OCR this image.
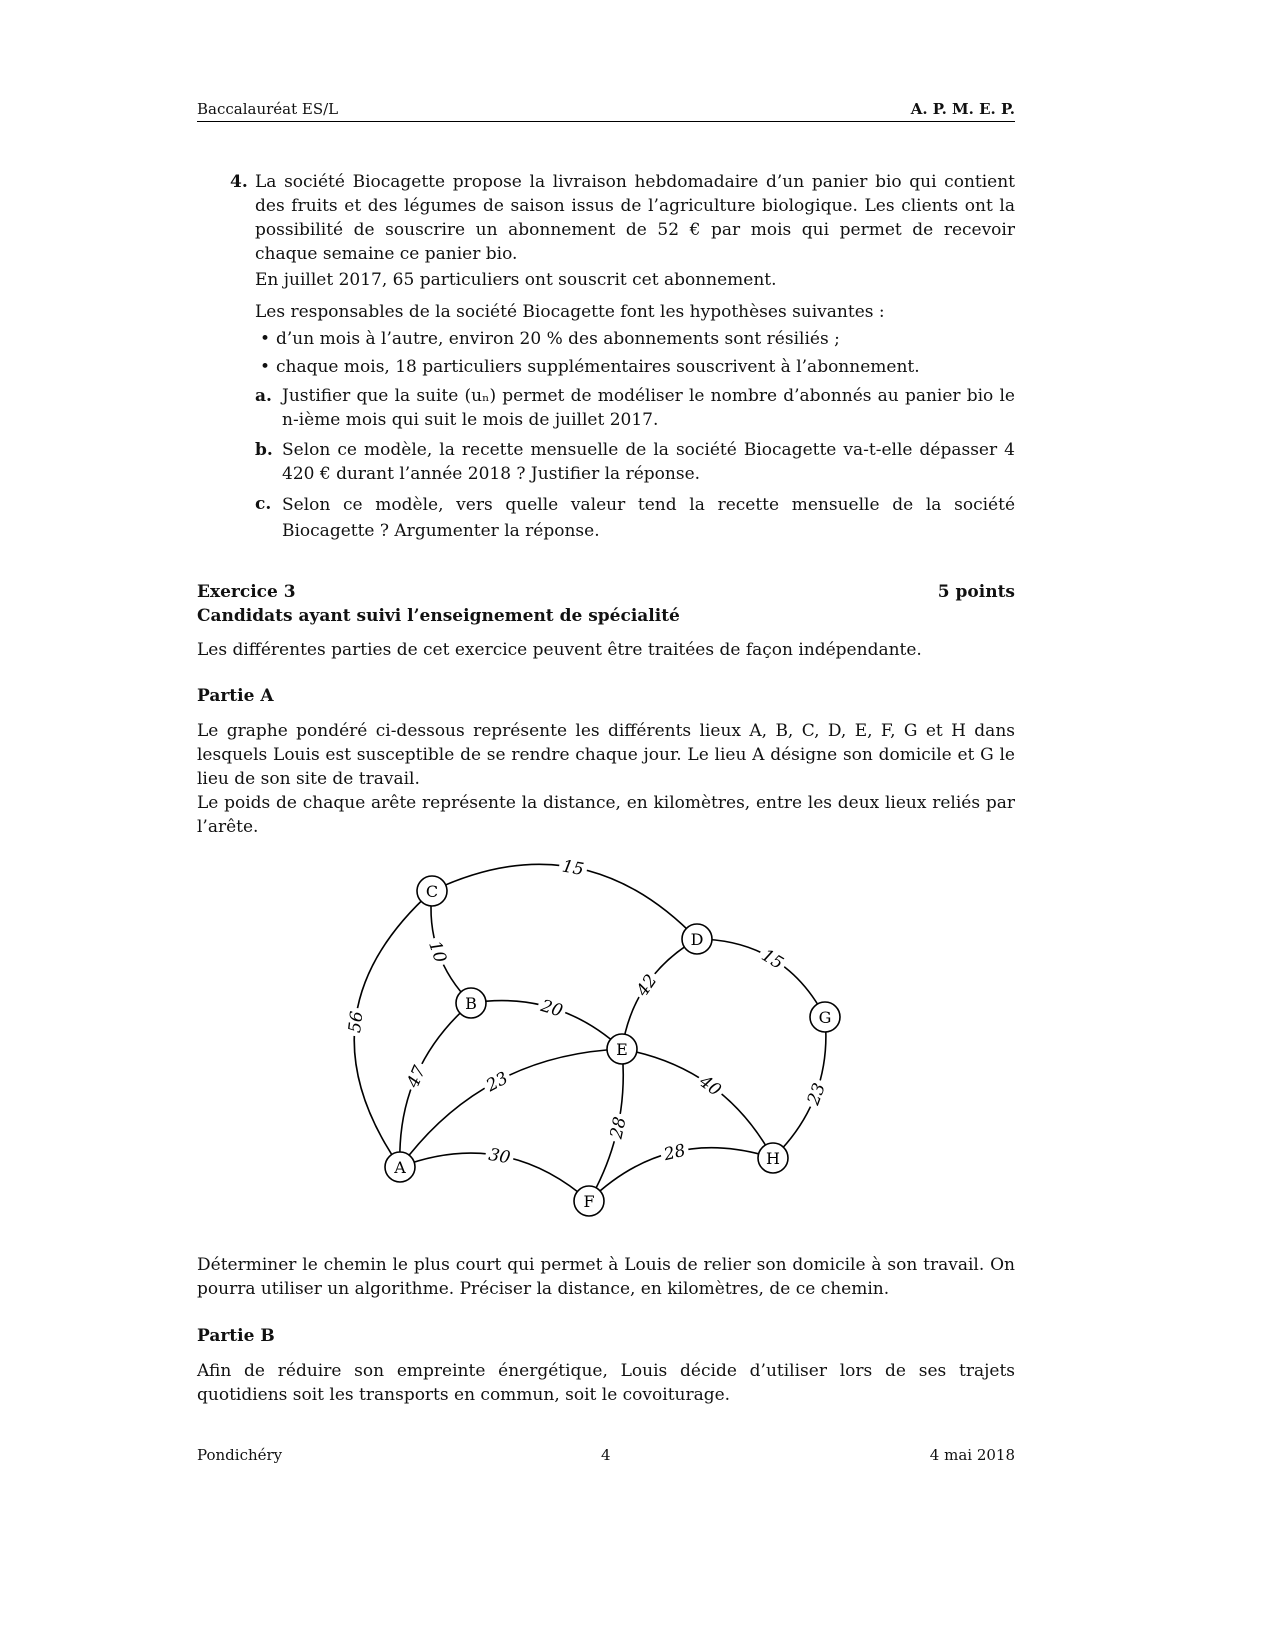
Baccalauréat ES/L	A. P. M. E. P.
4. La société Biocagette propose la livraison hebdomadaire d’un panier bio qui contient des fruits et des légumes de saison issus de l’agriculture biologique. Les clients ont la possibilité de souscrire un abonnement de 52 € par mois qui permet de recevoir chaque semaine ce panier bio.
En juillet 2017, 65 particuliers ont souscrit cet abonnement.
Les responsables de la société Biocagette font les hypothèses suivantes :
• d’un mois à l’autre, environ 20 % des abonnements sont résiliés ;
• chaque mois, 18 particuliers supplémentaires souscrivent à l’abonnement.
a. Justifier que la suite (uₙ) permet de modéliser le nombre d’abonnés au panier bio le n-ième mois qui suit le mois de juillet 2017.
b. Selon ce modèle, la recette mensuelle de la société Biocagette va-t-elle dépasser 4 420 € durant l’année 2018 ? Justifier la réponse.
c. Selon ce modèle, vers quelle valeur tend la recette mensuelle de la société Biocagette ? Argumenter la réponse.
Exercice 3	5 points
Candidats ayant suivi l’enseignement de spécialité
Les différentes parties de cet exercice peuvent être traitées de façon indépendante.
Partie A
Le graphe pondéré ci-dessous représente les différents lieux A, B, C, D, E, F, G et H dans lesquels Louis est susceptible de se rendre chaque jour. Le lieu A désigne son domicile et G le lieu de son site de travail.
Le poids de chaque arête représente la distance, en kilomètres, entre les deux lieux reliés par l’arête.
15
10
56
20
47
42
15
23
23
28
40
30	28
A
B
C
D
E
F
G
H
Déterminer le chemin le plus court qui permet à Louis de relier son domicile à son travail. On pourra utiliser un algorithme. Préciser la distance, en kilomètres, de ce chemin.
Partie B
Afin de réduire son empreinte énergétique, Louis décide d’utiliser lors de ses trajets quotidiens soit les transports en commun, soit le covoiturage.
Pondichéry	4	4 mai 2018
